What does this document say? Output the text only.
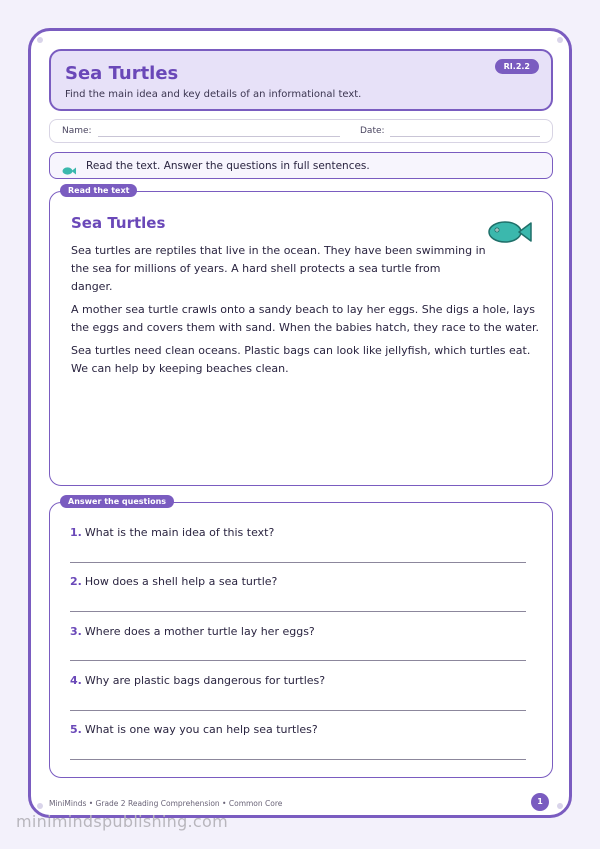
Sea Turtles
Find the main idea and key details of an informational text.
RI.2.2
Name:	Date:
Read the text. Answer the questions in full sentences.
Read the text
Sea Turtles
Sea turtles are reptiles that live in the ocean. They have been swimming in
the sea for millions of years. A hard shell protects a sea turtle from
danger.
A mother sea turtle crawls onto a sandy beach to lay her eggs. She digs a hole, lays
the eggs and covers them with sand. When the babies hatch, they race to the water.
Sea turtles need clean oceans. Plastic bags can look like jellyfish, which turtles eat.
We can help by keeping beaches clean.
Answer the questions
1. What is the main idea of this text?
2. How does a shell help a sea turtle?
3. Where does a mother turtle lay her eggs?
4. Why are plastic bags dangerous for turtles?
5. What is one way you can help sea turtles?
MiniMinds • Grade 2 Reading Comprehension • Common Core	1
minimindspublishing.com
